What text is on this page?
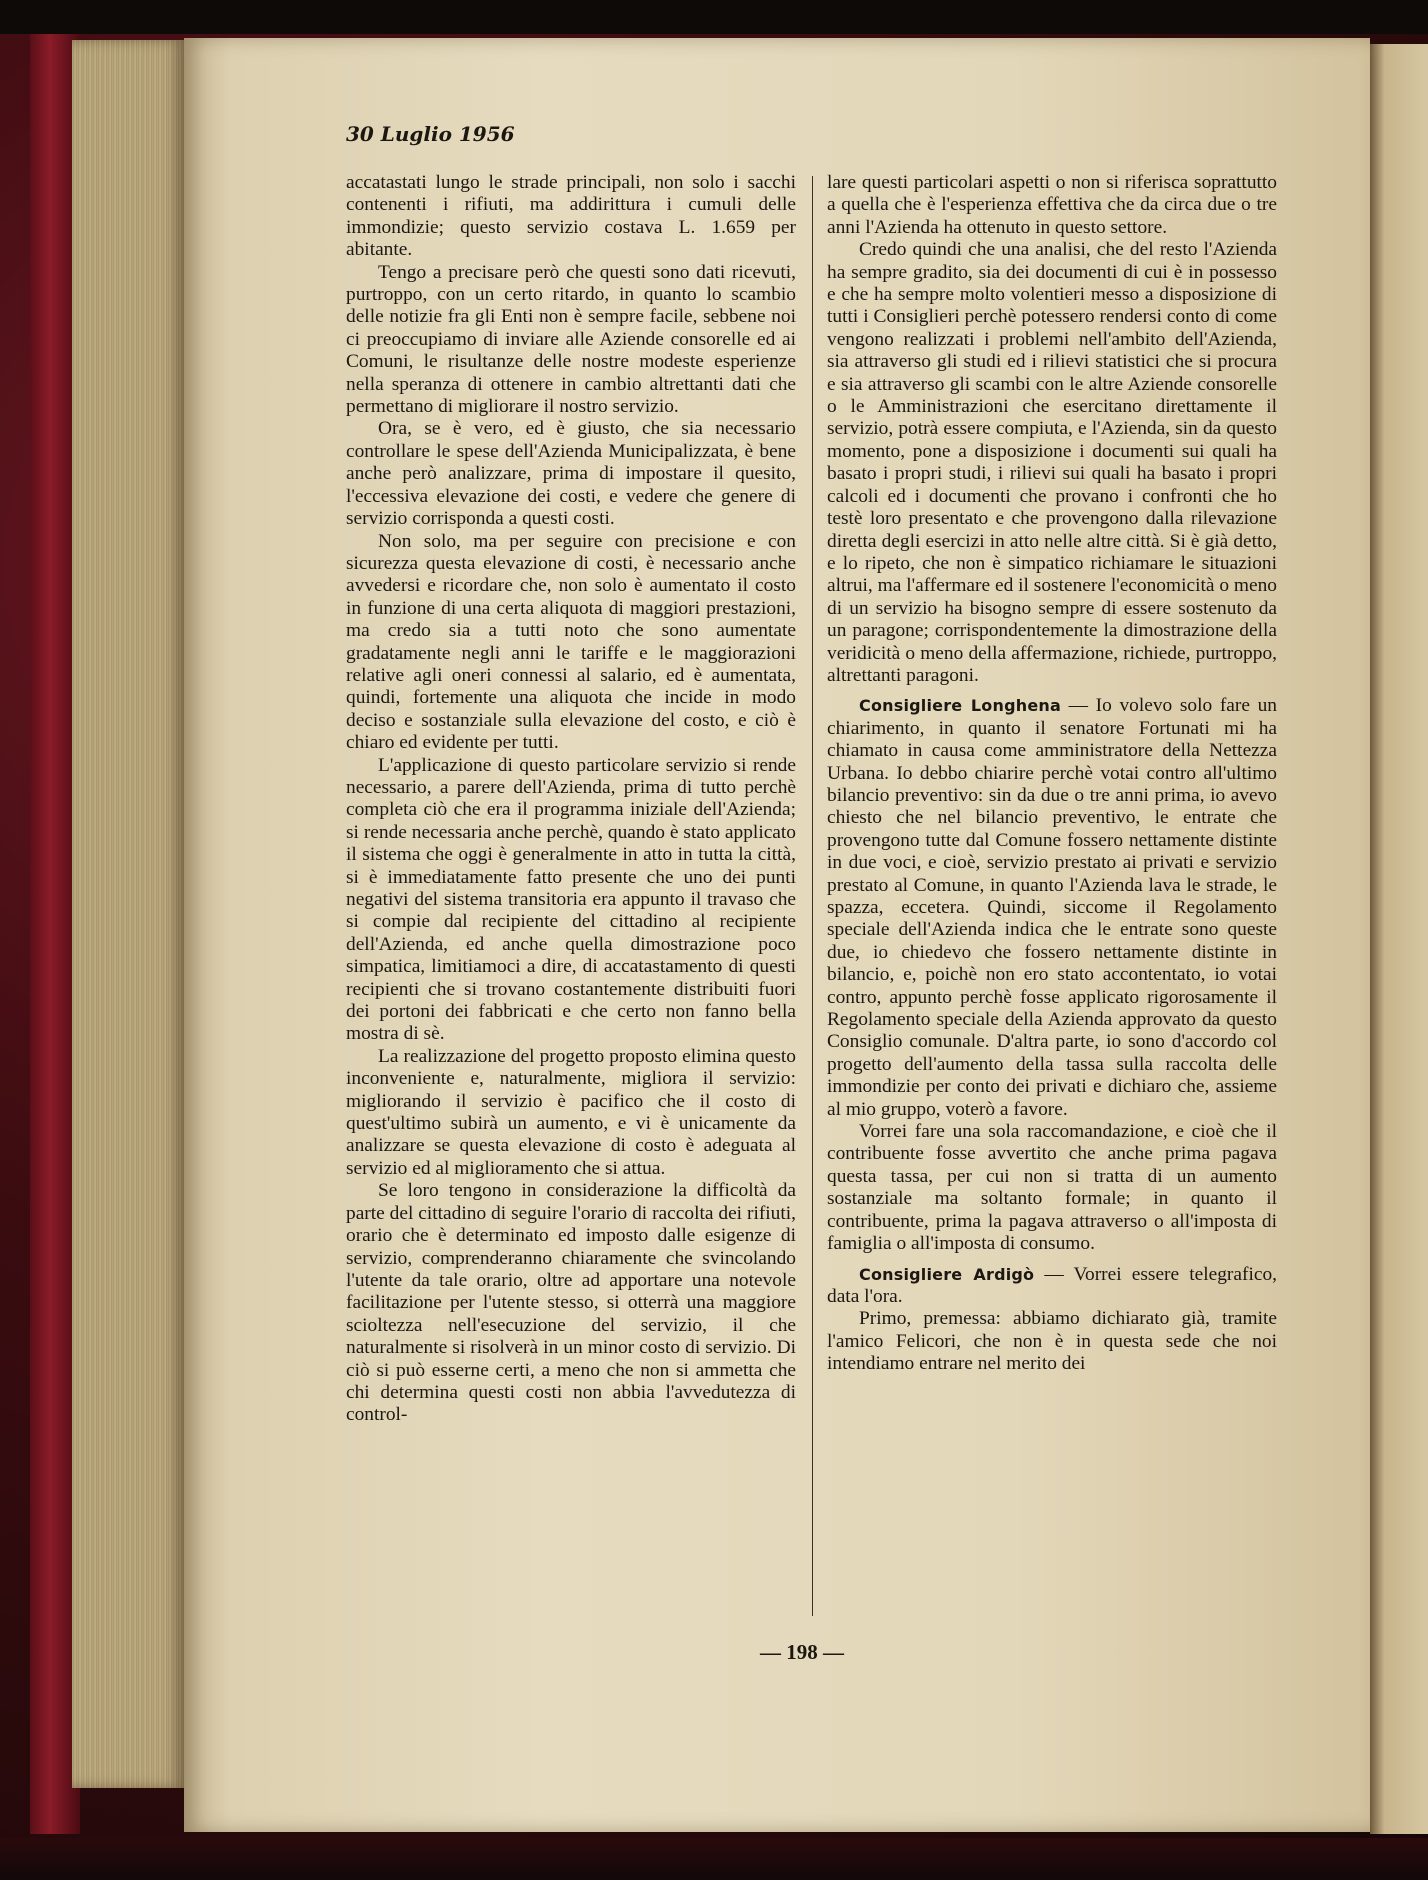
30 Luglio 1956

accatastati lungo le strade principali, non solo i sacchi contenenti i rifiuti, ma addirittura i cumuli delle immondizie; questo servizio costava L. 1.659 per abitante.

Tengo a precisare però che questi sono dati ricevuti, purtroppo, con un certo ritardo, in quanto lo scambio delle notizie fra gli Enti non è sempre facile, sebbene noi ci preoccupiamo di inviare alle Aziende consorelle ed ai Comuni, le risultanze delle nostre modeste esperienze nella speranza di ottenere in cambio altrettanti dati che permettano di migliorare il nostro servizio.

Ora, se è vero, ed è giusto, che sia necessario controllare le spese dell'Azienda Municipalizzata, è bene anche però analizzare, prima di impostare il quesito, l'eccessiva elevazione dei costi, e vedere che genere di servizio corrisponda a questi costi.

Non solo, ma per seguire con precisione e con sicurezza questa elevazione di costi, è necessario anche avvedersi e ricordare che, non solo è aumentato il costo in funzione di una certa aliquota di maggiori prestazioni, ma credo sia a tutti noto che sono aumentate gradatamente negli anni le tariffe e le maggiorazioni relative agli oneri connessi al salario, ed è aumentata, quindi, fortemente una aliquota che incide in modo deciso e sostanziale sulla elevazione del costo, e ciò è chiaro ed evidente per tutti.

L'applicazione di questo particolare servizio si rende necessario, a parere dell'Azienda, prima di tutto perchè completa ciò che era il programma iniziale dell'Azienda; si rende necessaria anche perchè, quando è stato applicato il sistema che oggi è generalmente in atto in tutta la città, si è immediatamente fatto presente che uno dei punti negativi del sistema transitoria era appunto il travaso che si compie dal recipiente del cittadino al recipiente dell'Azienda, ed anche quella dimostrazione poco simpatica, limitiamoci a dire, di accatastamento di questi recipienti che si trovano costantemente distribuiti fuori dei portoni dei fabbricati e che certo non fanno bella mostra di sè.

La realizzazione del progetto proposto elimina questo inconveniente e, naturalmente, migliora il servizio: migliorando il servizio è pacifico che il costo di quest'ultimo subirà un aumento, e vi è unicamente da analizzare se questa elevazione di costo è adeguata al servizio ed al miglioramento che si attua.

Se loro tengono in considerazione la difficoltà da parte del cittadino di seguire l'orario di raccolta dei rifiuti, orario che è determinato ed imposto dalle esigenze di servizio, comprenderanno chiaramente che svincolando l'utente da tale orario, oltre ad apportare una notevole facilitazione per l'utente stesso, si otterrà una maggiore scioltezza nell'esecuzione del servizio, il che naturalmente si risolverà in un minor costo di servizio. Di ciò si può esserne certi, a meno che non si ammetta che chi determina questi costi non abbia l'avvedutezza di control-

lare questi particolari aspetti o non si riferisca soprattutto a quella che è l'esperienza effettiva che da circa due o tre anni l'Azienda ha ottenuto in questo settore.

Credo quindi che una analisi, che del resto l'Azienda ha sempre gradito, sia dei documenti di cui è in possesso e che ha sempre molto volentieri messo a disposizione di tutti i Consiglieri perchè potessero rendersi conto di come vengono realizzati i problemi nell'ambito dell'Azienda, sia attraverso gli studi ed i rilievi statistici che si procura e sia attraverso gli scambi con le altre Aziende consorelle o le Amministrazioni che esercitano direttamente il servizio, potrà essere compiuta, e l'Azienda, sin da questo momento, pone a disposizione i documenti sui quali ha basato i propri studi, i rilievi sui quali ha basato i propri calcoli ed i documenti che provano i confronti che ho testè loro presentato e che provengono dalla rilevazione diretta degli esercizi in atto nelle altre città. Si è già detto, e lo ripeto, che non è simpatico richiamare le situazioni altrui, ma l'affermare ed il sostenere l'economicità o meno di un servizio ha bisogno sempre di essere sostenuto da un paragone; corrispondentemente la dimostrazione della veridicità o meno della affermazione, richiede, purtroppo, altrettanti paragoni.

Consigliere Longhena — Io volevo solo fare un chiarimento, in quanto il senatore Fortunati mi ha chiamato in causa come amministratore della Nettezza Urbana. Io debbo chiarire perchè votai contro all'ultimo bilancio preventivo: sin da due o tre anni prima, io avevo chiesto che nel bilancio preventivo, le entrate che provengono tutte dal Comune fossero nettamente distinte in due voci, e cioè, servizio prestato ai privati e servizio prestato al Comune, in quanto l'Azienda lava le strade, le spazza, eccetera. Quindi, siccome il Regolamento speciale dell'Azienda indica che le entrate sono queste due, io chiedevo che fossero nettamente distinte in bilancio, e, poichè non ero stato accontentato, io votai contro, appunto perchè fosse applicato rigorosamente il Regolamento speciale della Azienda approvato da questo Consiglio comunale. D'altra parte, io sono d'accordo col progetto dell'aumento della tassa sulla raccolta delle immondizie per conto dei privati e dichiaro che, assieme al mio gruppo, voterò a favore.

Vorrei fare una sola raccomandazione, e cioè che il contribuente fosse avvertito che anche prima pagava questa tassa, per cui non si tratta di un aumento sostanziale ma soltanto formale; in quanto il contribuente, prima la pagava attraverso o all'imposta di famiglia o all'imposta di consumo.

Consigliere Ardigò — Vorrei essere telegrafico, data l'ora.

Primo, premessa: abbiamo dichiarato già, tramite l'amico Felicori, che non è in questa sede che noi intendiamo entrare nel merito dei

— 198 —
